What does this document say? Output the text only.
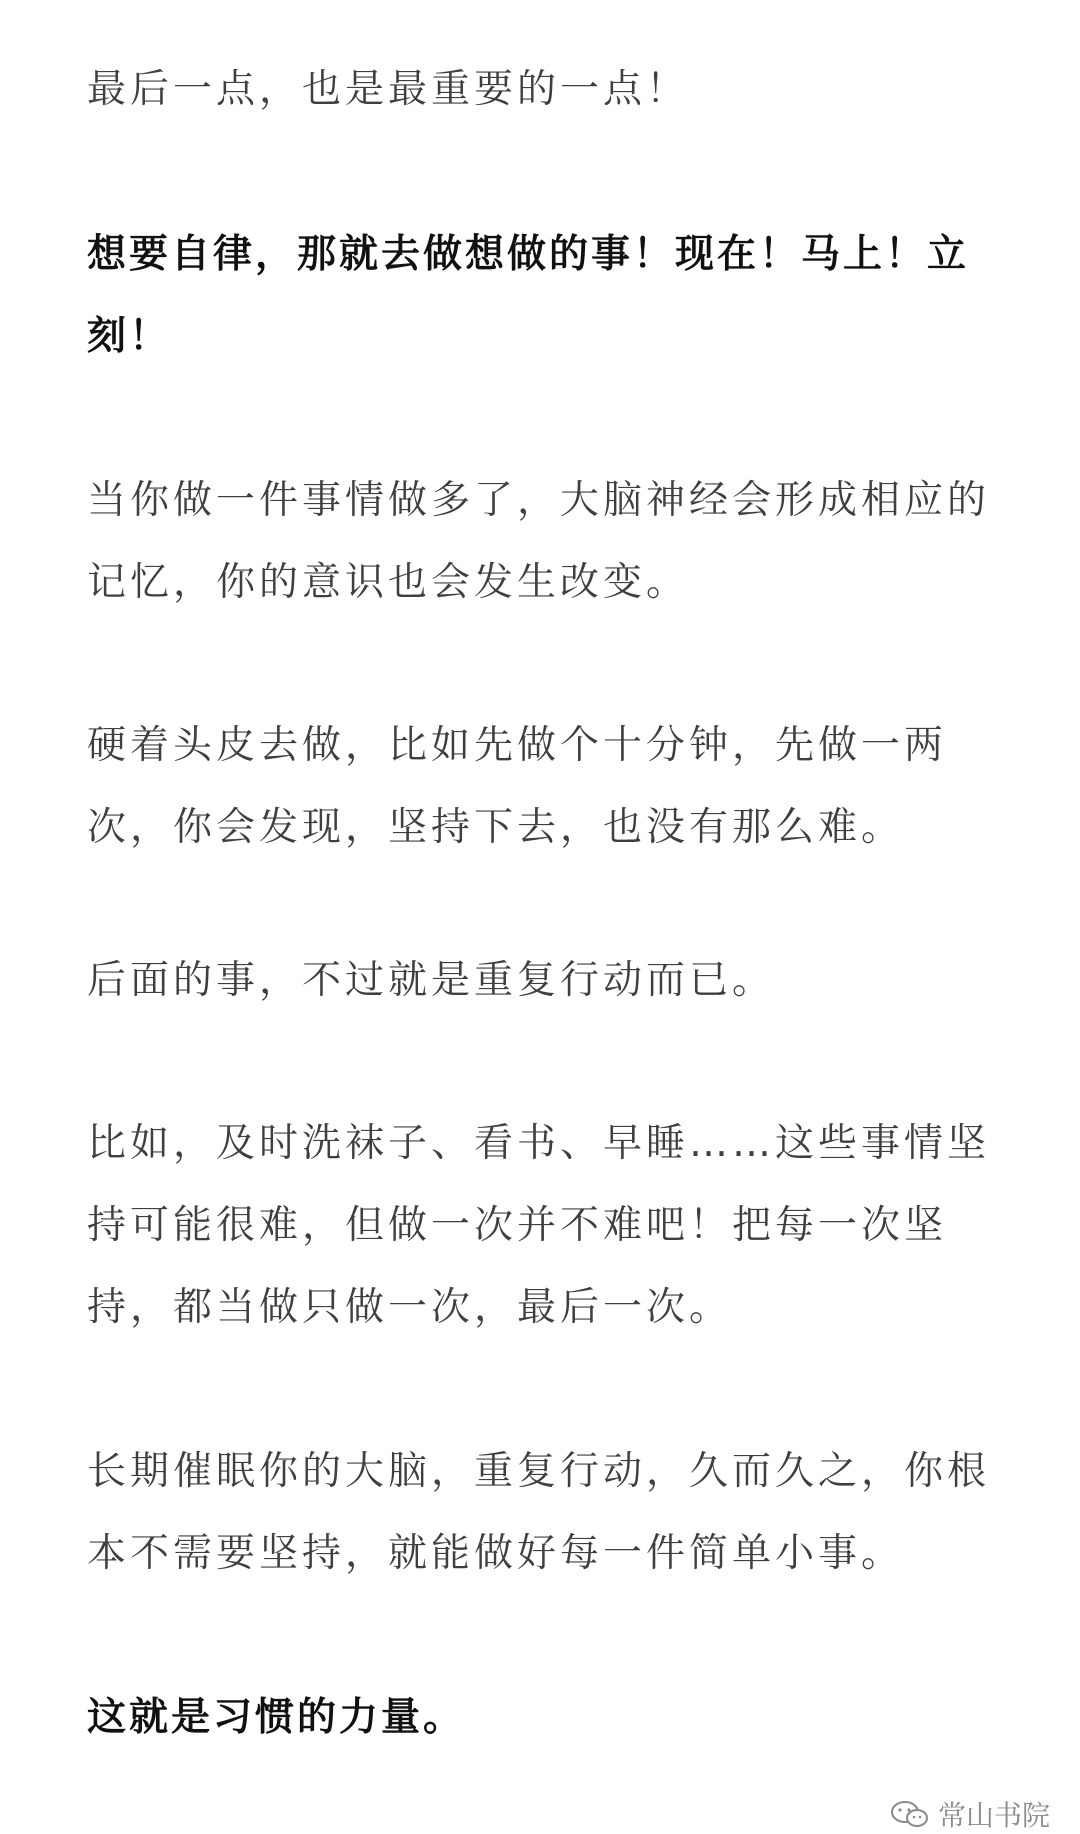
最后一点，也是最重要的一点！

想要自律，那就去做想做的事！现在！马上！立刻！

当你做一件事情做多了，大脑神经会形成相应的记忆，你的意识也会发生改变。

硬着头皮去做，比如先做个十分钟，先做一两次，你会发现，坚持下去，也没有那么难。

后面的事，不过就是重复行动而已。

比如，及时洗袜子、看书、早睡……这些事情坚持可能很难，但做一次并不难吧！把每一次坚持，都当做只做一次，最后一次。

长期催眠你的大脑，重复行动，久而久之，你根本不需要坚持，就能做好每一件简单小事。

这就是习惯的力量。

常山书院
